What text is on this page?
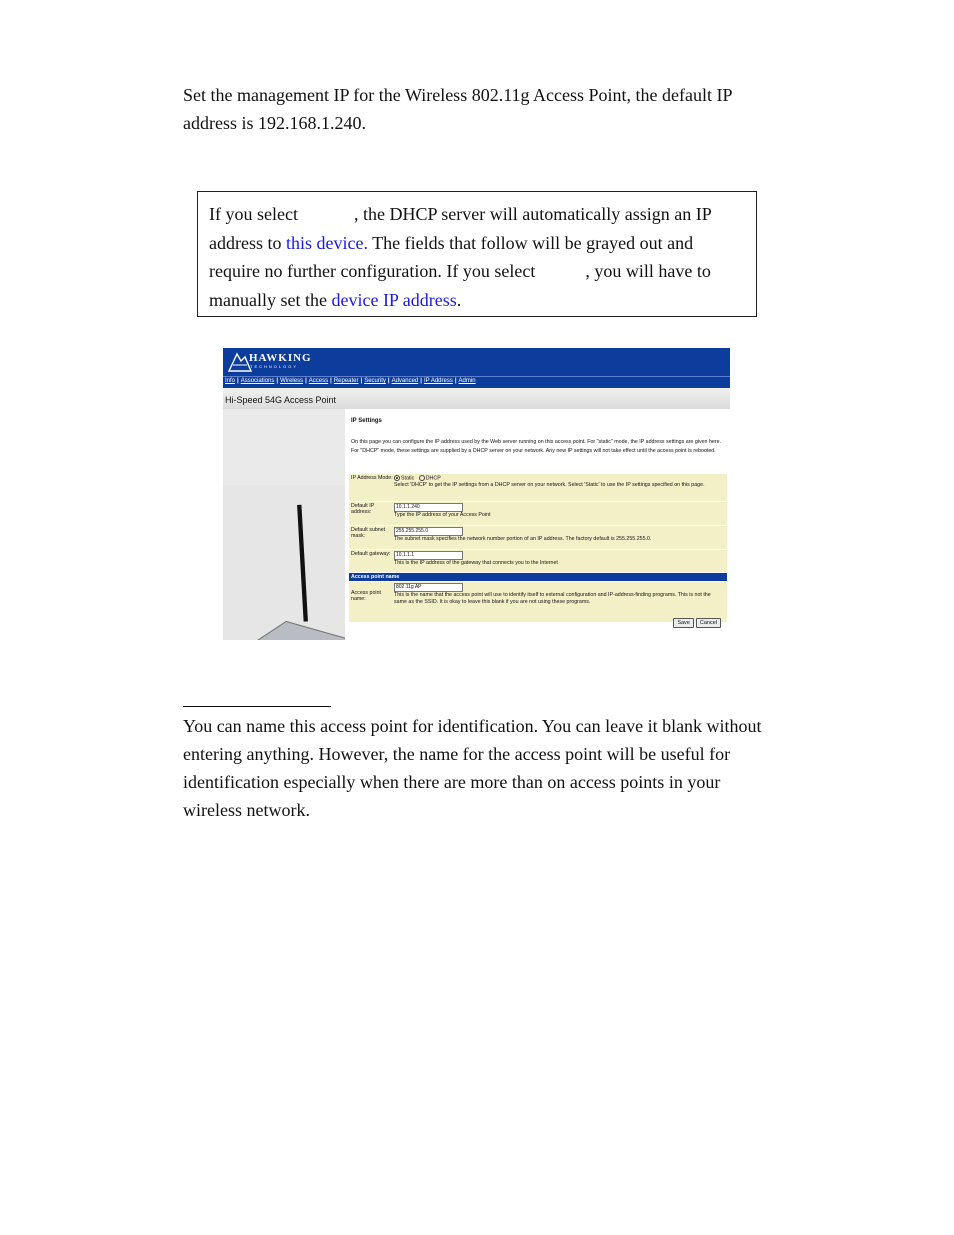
Set the management IP for the Wireless 802.11g Access Point, the default IP address is 192.168.1.240.

If you select	, the DHCP server will automatically assign an IP address to this device. The fields that follow will be grayed out and require no further configuration. If you select	, you will have to manually set the device IP address.

HAWKING
TECHNOLOGY
Info | Associations | Wireless | Access | Repeater | Security | Advanced | IP Address | Admin
Hi-Speed 54G Access Point
IP Settings
On this page you can configure the IP address used by the Web server running on this access point. For "static" mode, the IP address settings are given here. For "DHCP" mode, these settings are supplied by a DHCP server on your network. Any new IP settings will not take effect until the access point is rebooted.
IP Address Mode:	Static DHCP
Select 'DHCP' to get the IP settings from a DHCP server on your network. Select 'Static' to use the IP settings specified on this page.
Default IP address:
10.1.1.240
Type the IP address of your Access Point
Default subnet mask:
255.255.255.0
The subnet mask specifies the network number portion of an IP address. The factory default is 255.255.255.0.
Default gateway:	10.1.1.1
This is the IP address of the gateway that connects you to the Internet
Access point name
Access point name:
802.11g AP
This is the name that the access point will use to identify itself to external configuration and IP-address-finding programs. This is not the same as the SSID. It is okay to leave this blank if you are not using these programs.
Save Cancel

You can name this access point for identification. You can leave it blank without entering anything. However, the name for the access point will be useful for identification especially when there are more than on access points in your wireless network.
